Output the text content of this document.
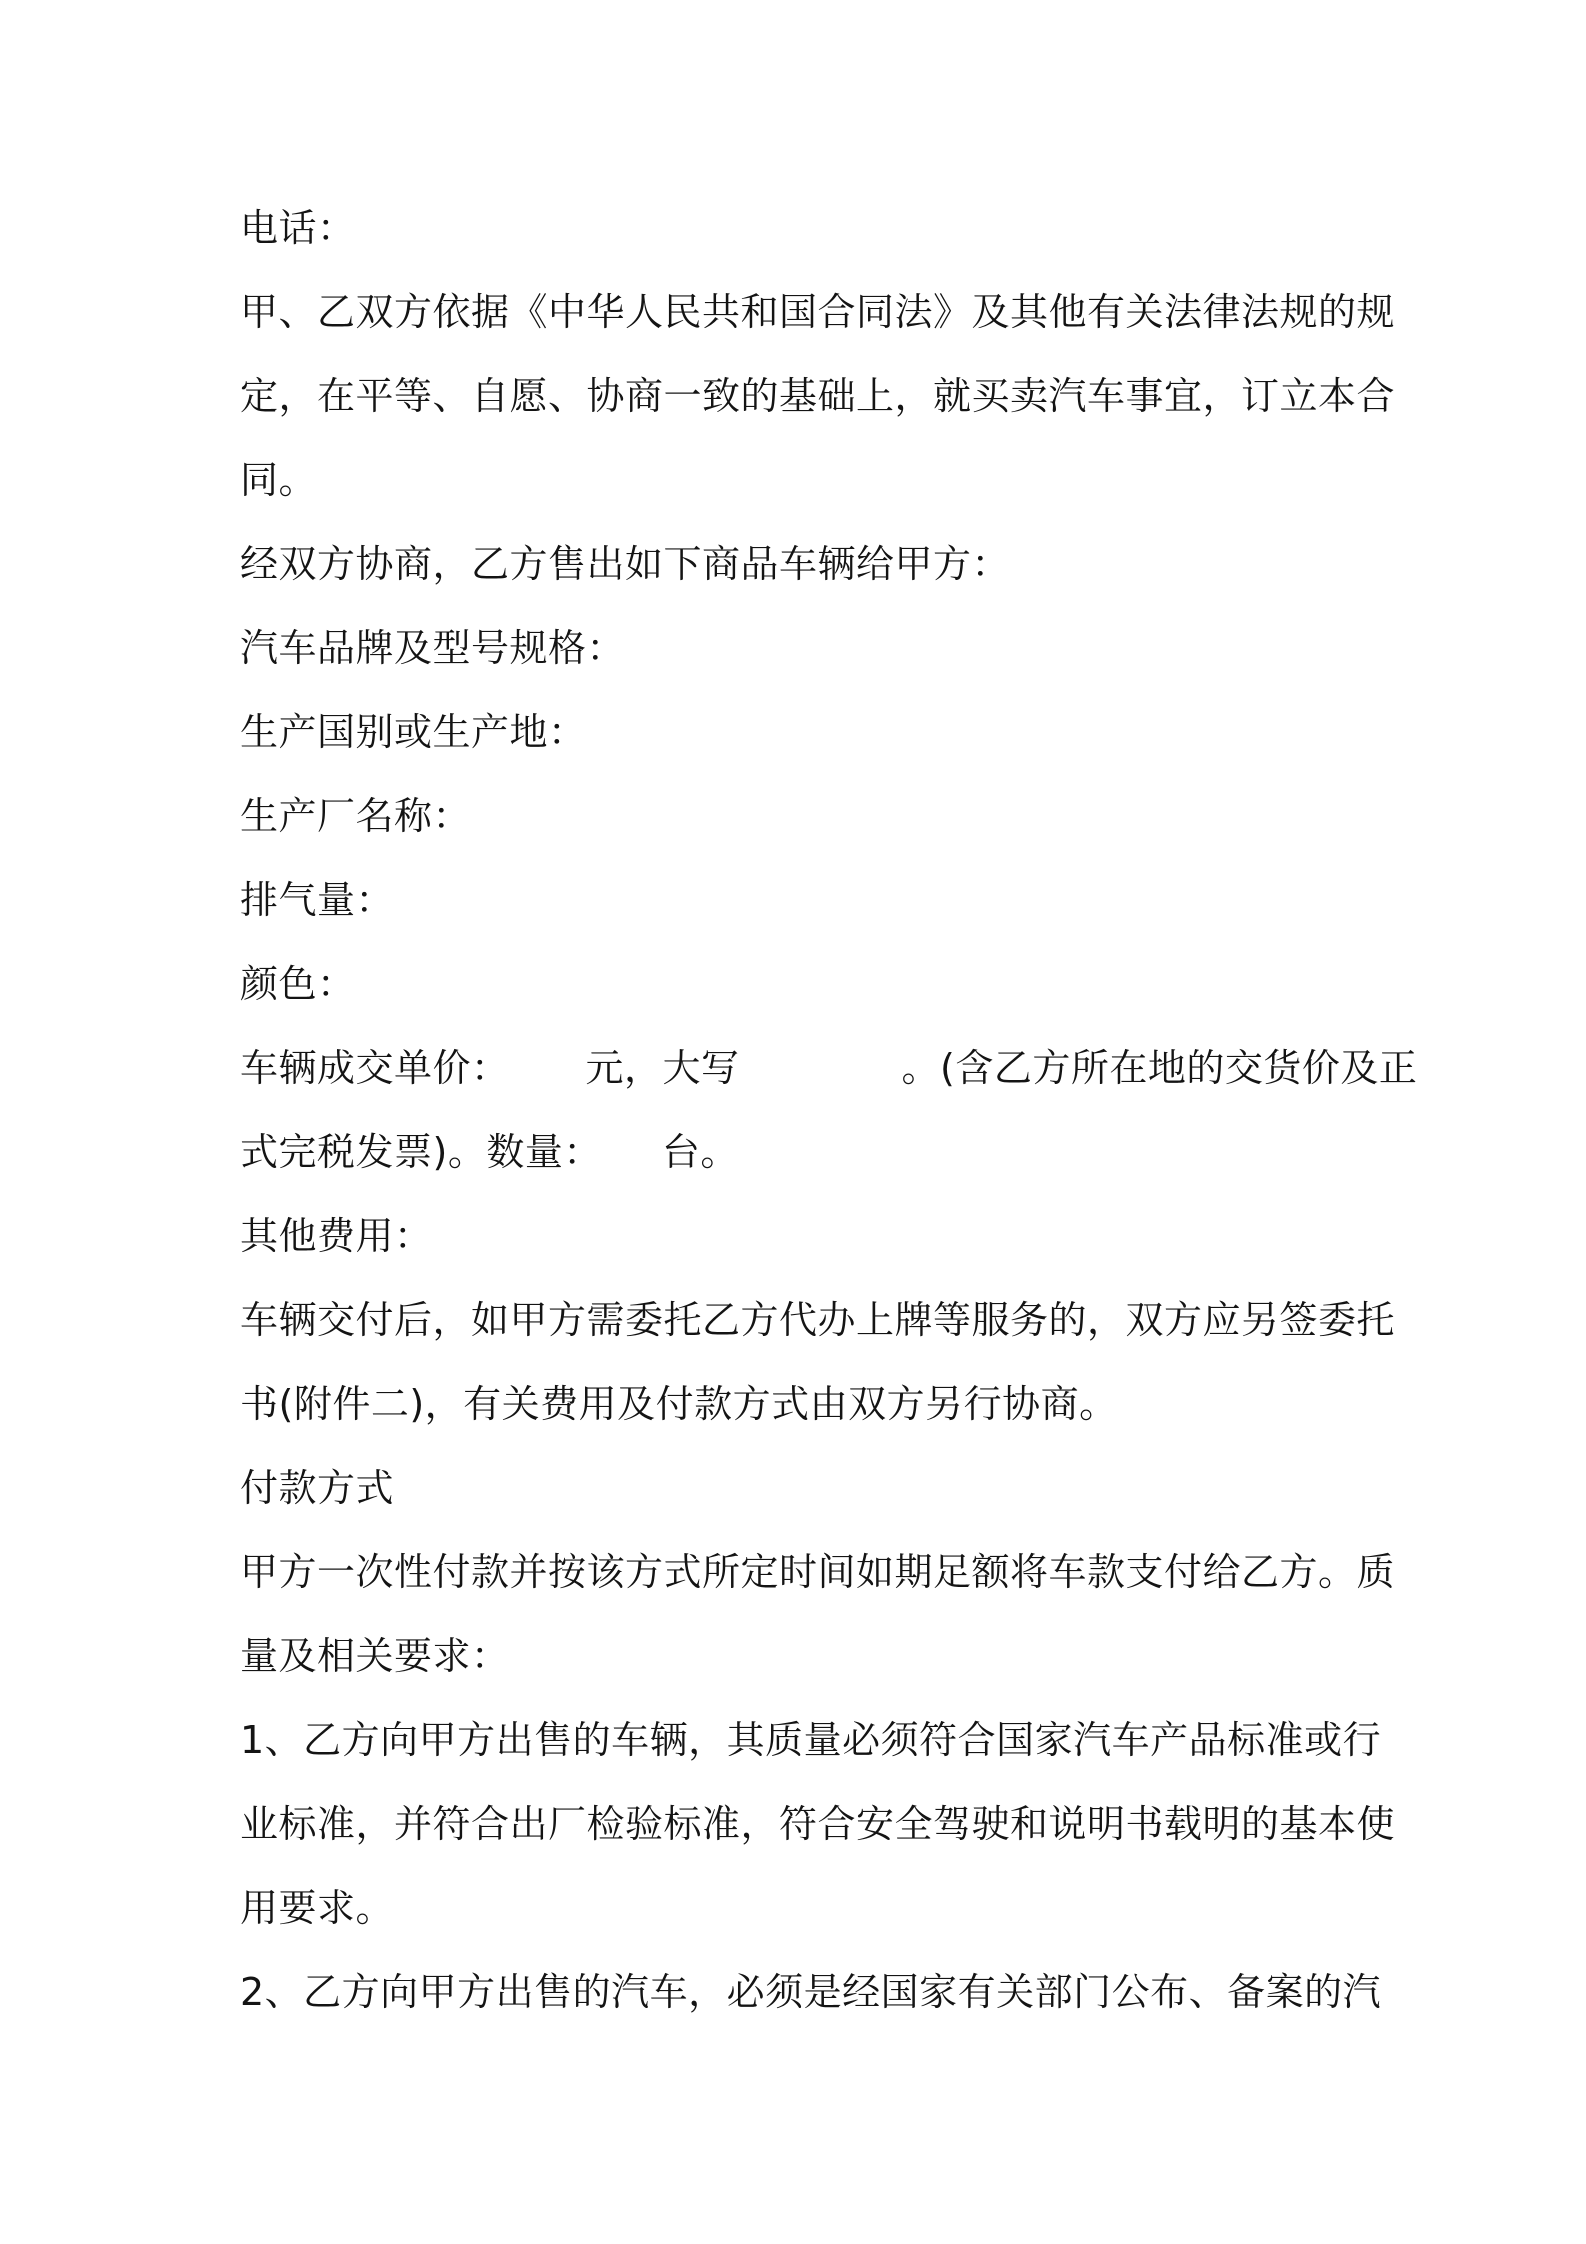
电话：
甲、乙双方依据《中华人民共和国合同法》及其他有关法律法规的规
定，在平等、自愿、协商一致的基础上，就买卖汽车事宜，订立本合
同。
经双方协商，乙方售出如下商品车辆给甲方：
汽车品牌及型号规格：
生产国别或生产地：
生产厂名称：
排气量：
颜色：
车辆成交单价： 元，大写	。(含乙方所在地的交货价及正
式完税发票)。数量： 台。
其他费用：
车辆交付后，如甲方需委托乙方代办上牌等服务的，双方应另签委托
书(附件二)，有关费用及付款方式由双方另行协商。
付款方式
甲方一次性付款并按该方式所定时间如期足额将车款支付给乙方。质
量及相关要求：
1、乙方向甲方出售的车辆，其质量必须符合国家汽车产品标准或行
业标准，并符合出厂检验标准，符合安全驾驶和说明书载明的基本使
用要求。
2、乙方向甲方出售的汽车，必须是经国家有关部门公布、备案的汽
